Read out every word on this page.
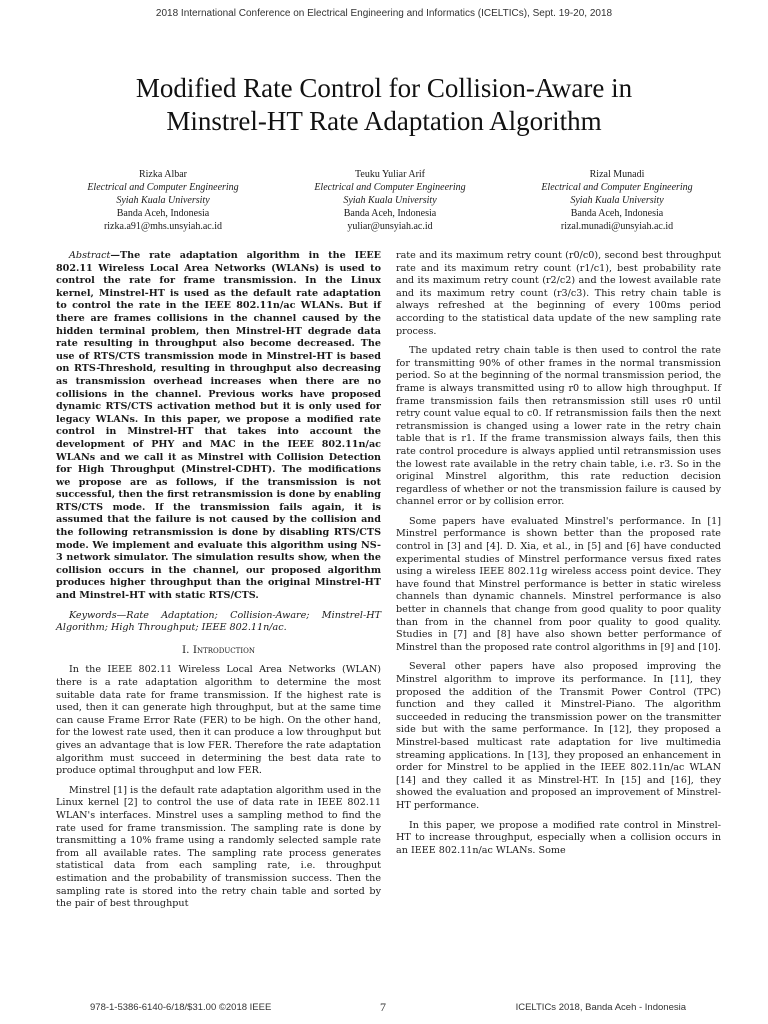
2018 International Conference on Electrical Engineering and Informatics (ICELTICs), Sept. 19-20, 2018
Modified Rate Control for Collision-Aware in
Minstrel-HT Rate Adaptation Algorithm
Rizka Albar
Electrical and Computer Engineering
Syiah Kuala University
Banda Aceh, Indonesia
rizka.a91@mhs.unsyiah.ac.id
Teuku Yuliar Arif
Electrical and Computer Engineering
Syiah Kuala University
Banda Aceh, Indonesia
yuliar@unsyiah.ac.id
Rizal Munadi
Electrical and Computer Engineering
Syiah Kuala University
Banda Aceh, Indonesia
rizal.munadi@unsyiah.ac.id

Abstract—The rate adaptation algorithm in the IEEE 802.11 Wireless Local Area Networks (WLANs) is used to control the rate for frame transmission. In the Linux kernel, Minstrel-HT is used as the default rate adaptation to control the rate in the IEEE 802.11n/ac WLANs. But if there are frames collisions in the channel caused by the hidden terminal problem, then Minstrel-HT degrade data rate resulting in throughput also become decreased. The use of RTS/CTS transmission mode in Minstrel-HT is based on RTS-Threshold, resulting in throughput also decreasing as transmission overhead increases when there are no collisions in the channel. Previous works have proposed dynamic RTS/CTS activation method but it is only used for legacy WLANs. In this paper, we propose a modified rate control in Minstrel-HT that takes into account the development of PHY and MAC in the IEEE 802.11n/ac WLANs and we call it as Minstrel with Collision Detection for High Throughput (Minstrel-CDHT). The modifications we propose are as follows, if the transmission is not successful, then the first retransmission is done by enabling RTS/CTS mode. If the transmission fails again, it is assumed that the failure is not caused by the collision and the following retransmission is done by disabling RTS/CTS mode. We implement and evaluate this algorithm using NS-3 network simulator. The simulation results show, when the collision occurs in the channel, our proposed algorithm produces higher throughput than the original Minstrel-HT and Minstrel-HT with static RTS/CTS.

Keywords—Rate Adaptation; Collision-Aware; Minstrel-HT Algorithm; High Throughput; IEEE 802.11n/ac.

I. Introduction

In the IEEE 802.11 Wireless Local Area Networks (WLAN) there is a rate adaptation algorithm to determine the most suitable data rate for frame transmission. If the highest rate is used, then it can generate high throughput, but at the same time can cause Frame Error Rate (FER) to be high. On the other hand, for the lowest rate used, then it can produce a low throughput but gives an advantage that is low FER. Therefore the rate adaptation algorithm must succeed in determining the best data rate to produce optimal throughput and low FER.

Minstrel [1] is the default rate adaptation algorithm used in the Linux kernel [2] to control the use of data rate in IEEE 802.11 WLAN's interfaces. Minstrel uses a sampling method to find the rate used for frame transmission. The sampling rate is done by transmitting a 10% frame using a randomly selected sample rate from all available rates. The sampling rate process generates statistical data from each sampling rate, i.e. throughput estimation and the probability of transmission success. Then the sampling rate is stored into the retry chain table and sorted by the pair of best throughput

rate and its maximum retry count (r0/c0), second best throughput rate and its maximum retry count (r1/c1), best probability rate and its maximum retry count (r2/c2) and the lowest available rate and its maximum retry count (r3/c3). This retry chain table is always refreshed at the beginning of every 100ms period according to the statistical data update of the new sampling rate process.

The updated retry chain table is then used to control the rate for transmitting 90% of other frames in the normal transmission period. So at the beginning of the normal transmission period, the frame is always transmitted using r0 to allow high throughput. If frame transmission fails then retransmission still uses r0 until retry count value equal to c0. If retransmission fails then the next retransmission is changed using a lower rate in the retry chain table that is r1. If the frame transmission always fails, then this rate control procedure is always applied until retransmission uses the lowest rate available in the retry chain table, i.e. r3. So in the original Minstrel algorithm, this rate reduction decision regardless of whether or not the transmission failure is caused by channel error or by collision error.

Some papers have evaluated Minstrel's performance. In [1] Minstrel performance is shown better than the proposed rate control in [3] and [4]. D. Xia, et al., in [5] and [6] have conducted experimental studies of Minstrel performance versus fixed rates using a wireless IEEE 802.11g wireless access point device. They have found that Minstrel performance is better in static wireless channels than dynamic channels. Minstrel performance is also better in channels that change from good quality to poor quality than from in the channel from poor quality to good quality. Studies in [7] and [8] have also shown better performance of Minstrel than the proposed rate control algorithms in [9] and [10].

Several other papers have also proposed improving the Minstrel algorithm to improve its performance. In [11], they proposed the addition of the Transmit Power Control (TPC) function and they called it Minstrel-Piano. The algorithm succeeded in reducing the transmission power on the transmitter side but with the same performance. In [12], they proposed a Minstrel-based multicast rate adaptation for live multimedia streaming applications. In [13], they proposed an enhancement in order for Minstrel to be applied in the IEEE 802.11n/ac WLAN [14] and they called it as Minstrel-HT. In [15] and [16], they showed the evaluation and proposed an improvement of Minstrel-HT performance.

In this paper, we propose a modified rate control in Minstrel-HT to increase throughput, especially when a collision occurs in an IEEE 802.11n/ac WLANs. Some

978-1-5386-6140-6/18/$31.00 ©2018 IEEE	7	ICELTICs 2018, Banda Aceh - Indonesia
